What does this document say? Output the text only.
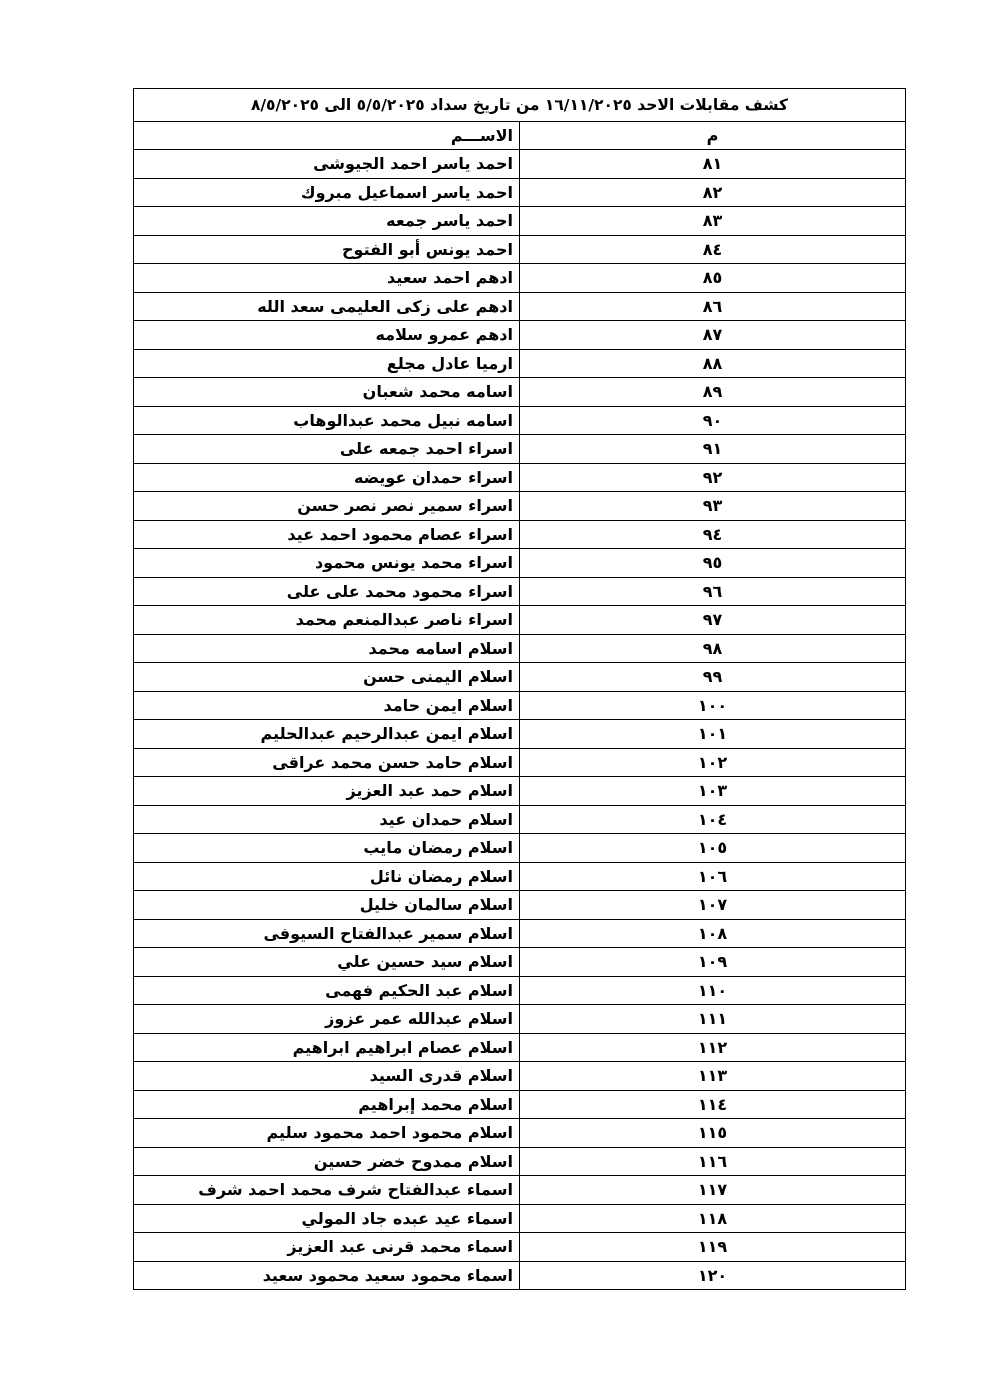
كشف مقابلات الاحد ١٦/١١/٢٠٢٥ من تاريخ سداد ٥/٥/٢٠٢٥ الى ٨/٥/٢٠٢٥	
م	الاســـم
٨١	احمد ياسر احمد الجيوشى
٨٢	احمد ياسر اسماعيل مبروك
٨٣	احمد ياسر جمعه
٨٤	احمد يونس أبو الفتوح
٨٥	ادهم احمد سعيد
٨٦	ادهم على زكى العليمى سعد الله
٨٧	ادهم عمرو سلامه
٨٨	ارميا عادل مجلع
٨٩	اسامه محمد شعبان
٩٠	اسامه نبيل محمد عبدالوهاب
٩١	اسراء احمد جمعه على
٩٢	اسراء حمدان عويضه
٩٣	اسراء سمير نصر نصر حسن
٩٤	اسراء عصام محمود احمد عيد
٩٥	اسراء محمد يونس محمود
٩٦	اسراء محمود محمد على على
٩٧	اسراء ناصر عبدالمنعم محمد
٩٨	اسلام اسامه محمد
٩٩	اسلام اليمنى حسن
١٠٠	اسلام ايمن حامد
١٠١	اسلام ايمن عبدالرحيم عبدالحليم
١٠٢	اسلام حامد حسن محمد عراقى
١٠٣	اسلام حمد عبد العزيز
١٠٤	اسلام حمدان عيد
١٠٥	اسلام رمضان مايب
١٠٦	اسلام رمضان نائل
١٠٧	اسلام سالمان خليل
١٠٨	اسلام سمير عبدالفتاح السيوفى
١٠٩	اسلام سيد حسين علي
١١٠	اسلام عبد الحكيم فهمى
١١١	اسلام عبدالله عمر عزوز
١١٢	اسلام عصام ابراهيم ابراهيم
١١٣	اسلام قدرى السيد
١١٤	اسلام محمد إبراهيم
١١٥	اسلام محمود احمد محمود سليم
١١٦	اسلام ممدوح خضر حسين
١١٧	اسماء عبدالفتاح شرف محمد احمد شرف
١١٨	اسماء عيد عبده جاد المولي
١١٩	اسماء محمد قرنى عبد العزيز
١٢٠	اسماء محمود سعيد محمود سعيد
